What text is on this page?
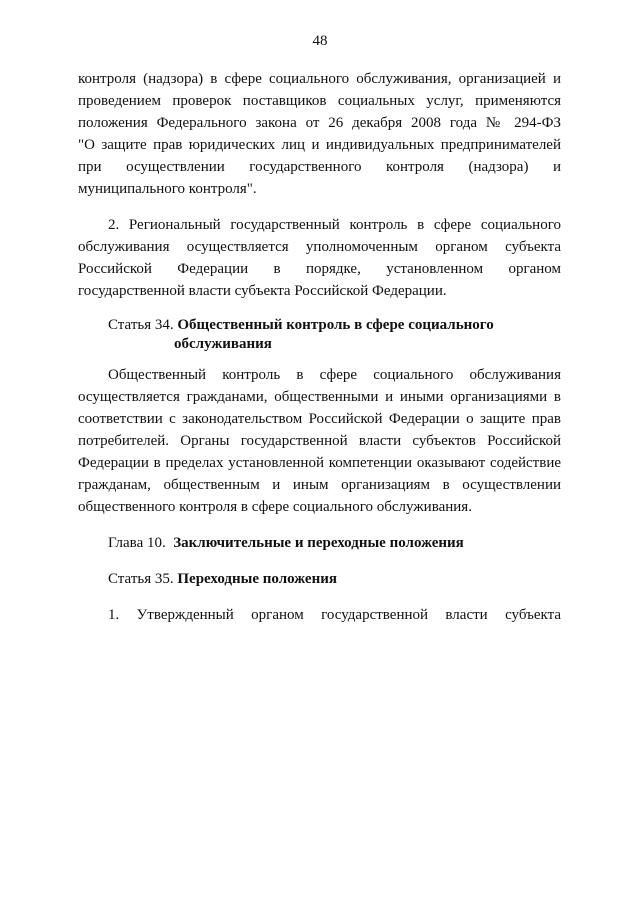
48
контроля (надзора) в сфере социального обслуживания, организацией и
проведением проверок поставщиков социальных услуг, применяются
положения Федерального закона от 26 декабря 2008 года № 294-ФЗ
"О защите прав юридических лиц и индивидуальных предпринимателей
при осуществлении государственного контроля (надзора) и
муниципального контроля".
2. Региональный государственный контроль в сфере социального
обслуживания осуществляется уполномоченным органом субъекта
Российской Федерации в порядке, установленном органом
государственной власти субъекта Российской Федерации.
Статья 34. Общественный контроль в сфере социального
обслуживания
Общественный контроль в сфере социального обслуживания
осуществляется гражданами, общественными и иными организациями в
соответствии с законодательством Российской Федерации о защите прав
потребителей. Органы государственной власти субъектов Российской
Федерации в пределах установленной компетенции оказывают содействие
гражданам, общественным и иным организациям в осуществлении
общественного контроля в сфере социального обслуживания.
Глава 10. Заключительные и переходные положения
Статья 35. Переходные положения
1. Утвержденный органом государственной власти субъекта
